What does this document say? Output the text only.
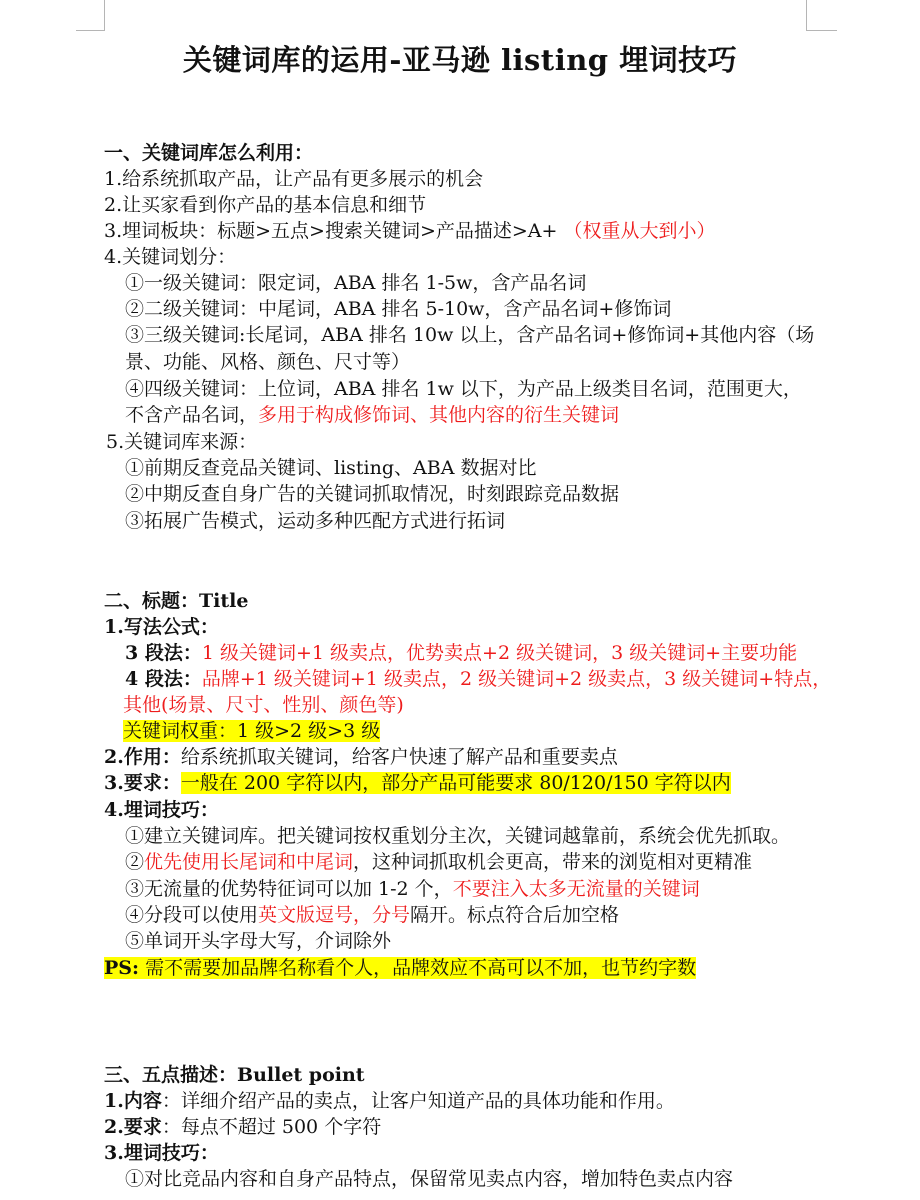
关键词库的运用-亚马逊 listing 埋词技巧
一、关键词库怎么利用：
1.给系统抓取产品，让产品有更多展示的机会
2.让买家看到你产品的基本信息和细节
3.埋词板块：标题>五点>搜索关键词>产品描述>A+ （权重从大到小）
4.关键词划分：
①一级关键词：限定词，ABA 排名 1-5w，含产品名词
②二级关键词：中尾词，ABA 排名 5-10w，含产品名词+修饰词
③三级关键词:长尾词，ABA 排名 10w 以上，含产品名词+修饰词+其他内容（场
景、功能、风格、颜色、尺寸等）
④四级关键词：上位词，ABA 排名 1w 以下，为产品上级类目名词，范围更大，
不含产品名词，多用于构成修饰词、其他内容的衍生关键词
5.关键词库来源：
①前期反查竞品关键词、listing、ABA 数据对比
②中期反查自身广告的关键词抓取情况，时刻跟踪竞品数据
③拓展广告模式，运动多种匹配方式进行拓词
二、标题：Title
1.写法公式：
3 段法：1 级关键词+1 级卖点，优势卖点+2 级关键词，3 级关键词+主要功能
4 段法：品牌+1 级关键词+1 级卖点，2 级关键词+2 级卖点，3 级关键词+特点，
其他(场景、尺寸、性别、颜色等)
关键词权重：1 级>2 级>3 级
2.作用：给系统抓取关键词，给客户快速了解产品和重要卖点
3.要求：一般在 200 字符以内，部分产品可能要求 80/120/150 字符以内
4.埋词技巧：
①建立关键词库。把关键词按权重划分主次，关键词越靠前，系统会优先抓取。
②优先使用长尾词和中尾词，这种词抓取机会更高，带来的浏览相对更精准
③无流量的优势特征词可以加 1-2 个，不要注入太多无流量的关键词
④分段可以使用英文版逗号，分号隔开。标点符合后加空格
⑤单词开头字母大写，介词除外
PS: 需不需要加品牌名称看个人，品牌效应不高可以不加，也节约字数
三、五点描述：Bullet point
1.内容：详细介绍产品的卖点，让客户知道产品的具体功能和作用。
2.要求：每点不超过 500 个字符
3.埋词技巧：
①对比竞品内容和自身产品特点，保留常见卖点内容，增加特色卖点内容
